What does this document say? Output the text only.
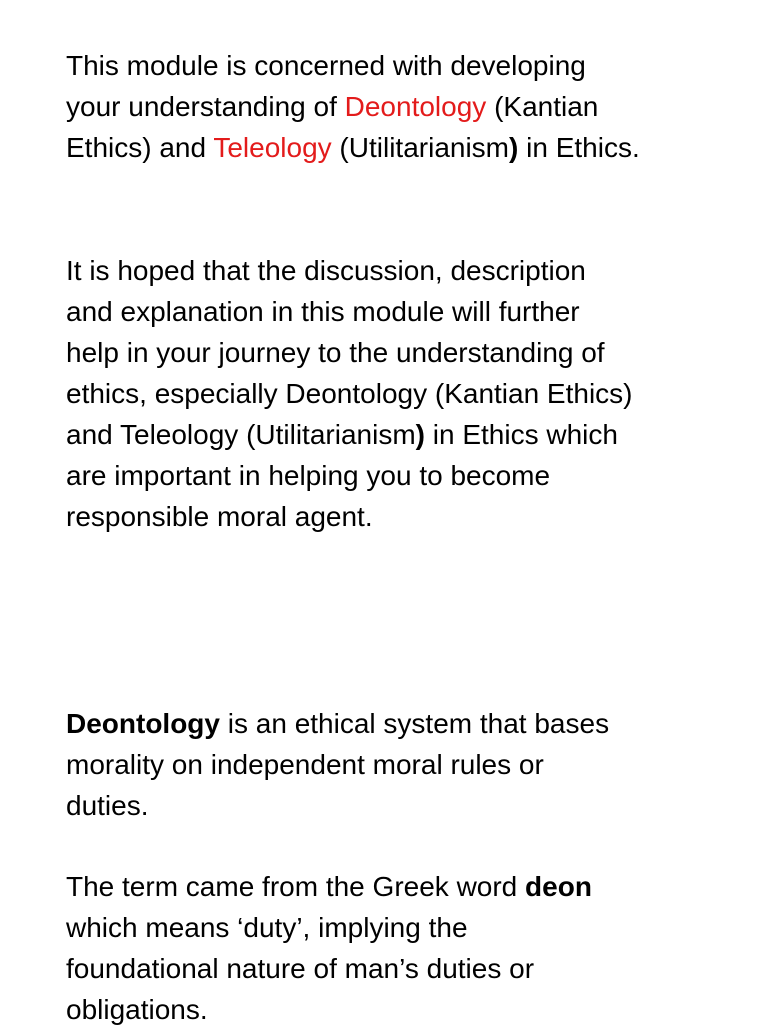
This module is concerned with developing
your understanding of Deontology (Kantian
Ethics) and Teleology (Utilitarianism) in Ethics.
It is hoped that the discussion, description
and explanation in this module will further
help in your journey to the understanding of
ethics, especially Deontology (Kantian Ethics)
and Teleology (Utilitarianism) in Ethics which
are important in helping you to become
responsible moral agent.
Deontology is an ethical system that bases
morality on independent moral rules or
duties.
The term came from the Greek word deon
which means ‘duty’, implying the
foundational nature of man’s duties or
obligations.
